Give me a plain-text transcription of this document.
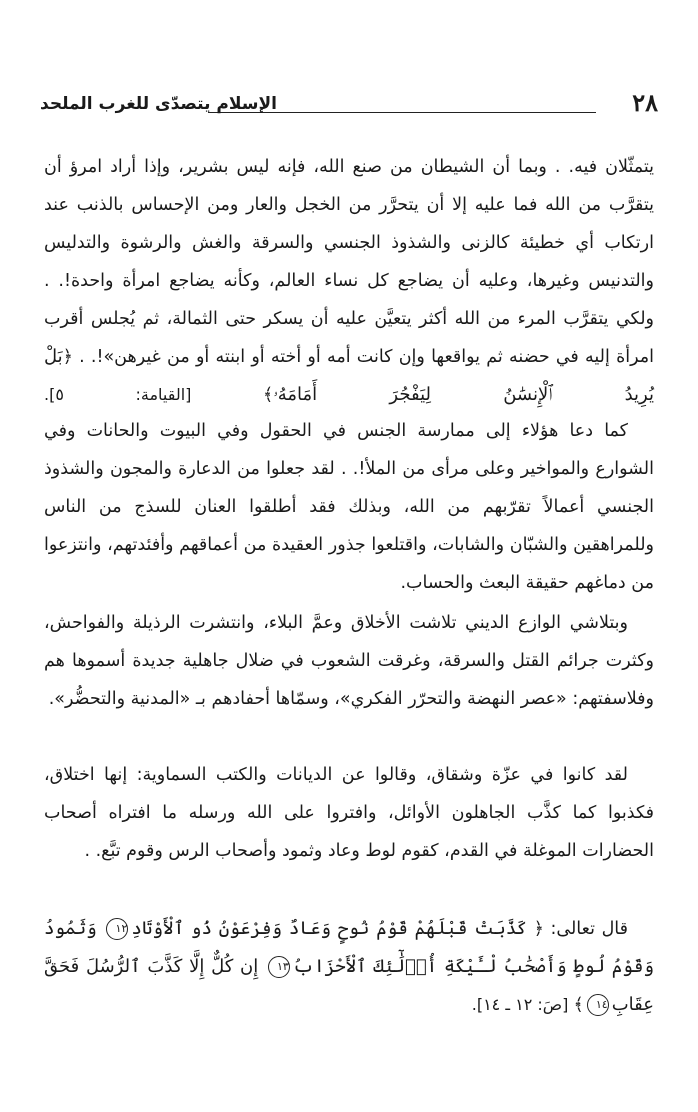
٢٨
الإسلام يتصدّى للغرب الملحد
يتمثّلان فيه. . وبما أن الشيطان من صنع الله، فإنه ليس بشرير، وإذا أراد امرؤ أن يتقرَّب من الله فما عليه إلا أن يتحرَّر من الخجل والعار ومن الإحساس بالذنب عند ارتكاب أي خطيئة كالزنى والشذوذ الجنسي والسرقة والغش والرشوة والتدليس والتدنيس وغيرها، وعليه أن يضاجع كل نساء العالم، وكأنه يضاجع امرأة واحدة!. . ولكي يتقرَّب المرء من الله أكثر يتعيَّن عليه أن يسكر حتى الثمالة، ثم يُجلس أقرب امرأة إليه في حضنه ثم يواقعها وإن كانت أمه أو أخته أو ابنته أو من غيرهن»!. . ﴿بَلْ يُرِيدُ ٱلْإِنسَٰنُ لِيَفْجُرَ أَمَامَهُۥ﴾ [القيامة: ٥].
كما دعا هؤلاء إلى ممارسة الجنس في الحقول وفي البيوت والحانات وفي الشوارع والمواخير وعلى مرأى من الملأ!. . لقد جعلوا من الدعارة والمجون والشذوذ الجنسي أعمالاً تقرّبهم من الله، وبذلك فقد أطلقوا العنان للسذج من الناس وللمراهقين والشبّان والشابات، واقتلعوا جذور العقيدة من أعماقهم وأفئدتهم، وانتزعوا من دماغهم حقيقة البعث والحساب.
وبتلاشي الوازع الديني تلاشت الأخلاق وعمَّ البلاء، وانتشرت الرذيلة والفواحش، وكثرت جرائم القتل والسرقة، وغرقت الشعوب في ضلال جاهلية جديدة أسموها هم وفلاسفتهم: «عصر النهضة والتحرّر الفكري»، وسمّاها أحفادهم بـ «المدنية والتحضُّر».
لقد كانوا في عزّة وشقاق، وقالوا عن الديانات والكتب السماوية: إنها اختلاق، فكذبوا كما كذَّب الجاهلون الأوائل، وافتروا على الله ورسله ما افتراه أصحاب الحضارات الموغلة في القدم، كقوم لوط وعاد وثمود وأصحاب الرس وقوم تبَّع. .
قال تعالى: ﴿ كَذَّبَتْ قَبْلَهُمْ قَوْمُ نُوحٍ وَعَادٌ وَفِرْعَوْنُ ذُو ٱلْأَوْتَادِ١٢ وَثَمُودُ وَقَوْمُ لُوطٍ وَأَصْحَٰبُ لْـَٔيْكَةِ أُو۟لَٰٓئِكَ ٱلْأَحْزَابُ١٣ إِن كُلٌّ إِلَّا كَذَّبَ ٱلرُّسُلَ فَحَقَّ عِقَابِ١٤﴾ [صَ: ١٢ ـ ١٤].
